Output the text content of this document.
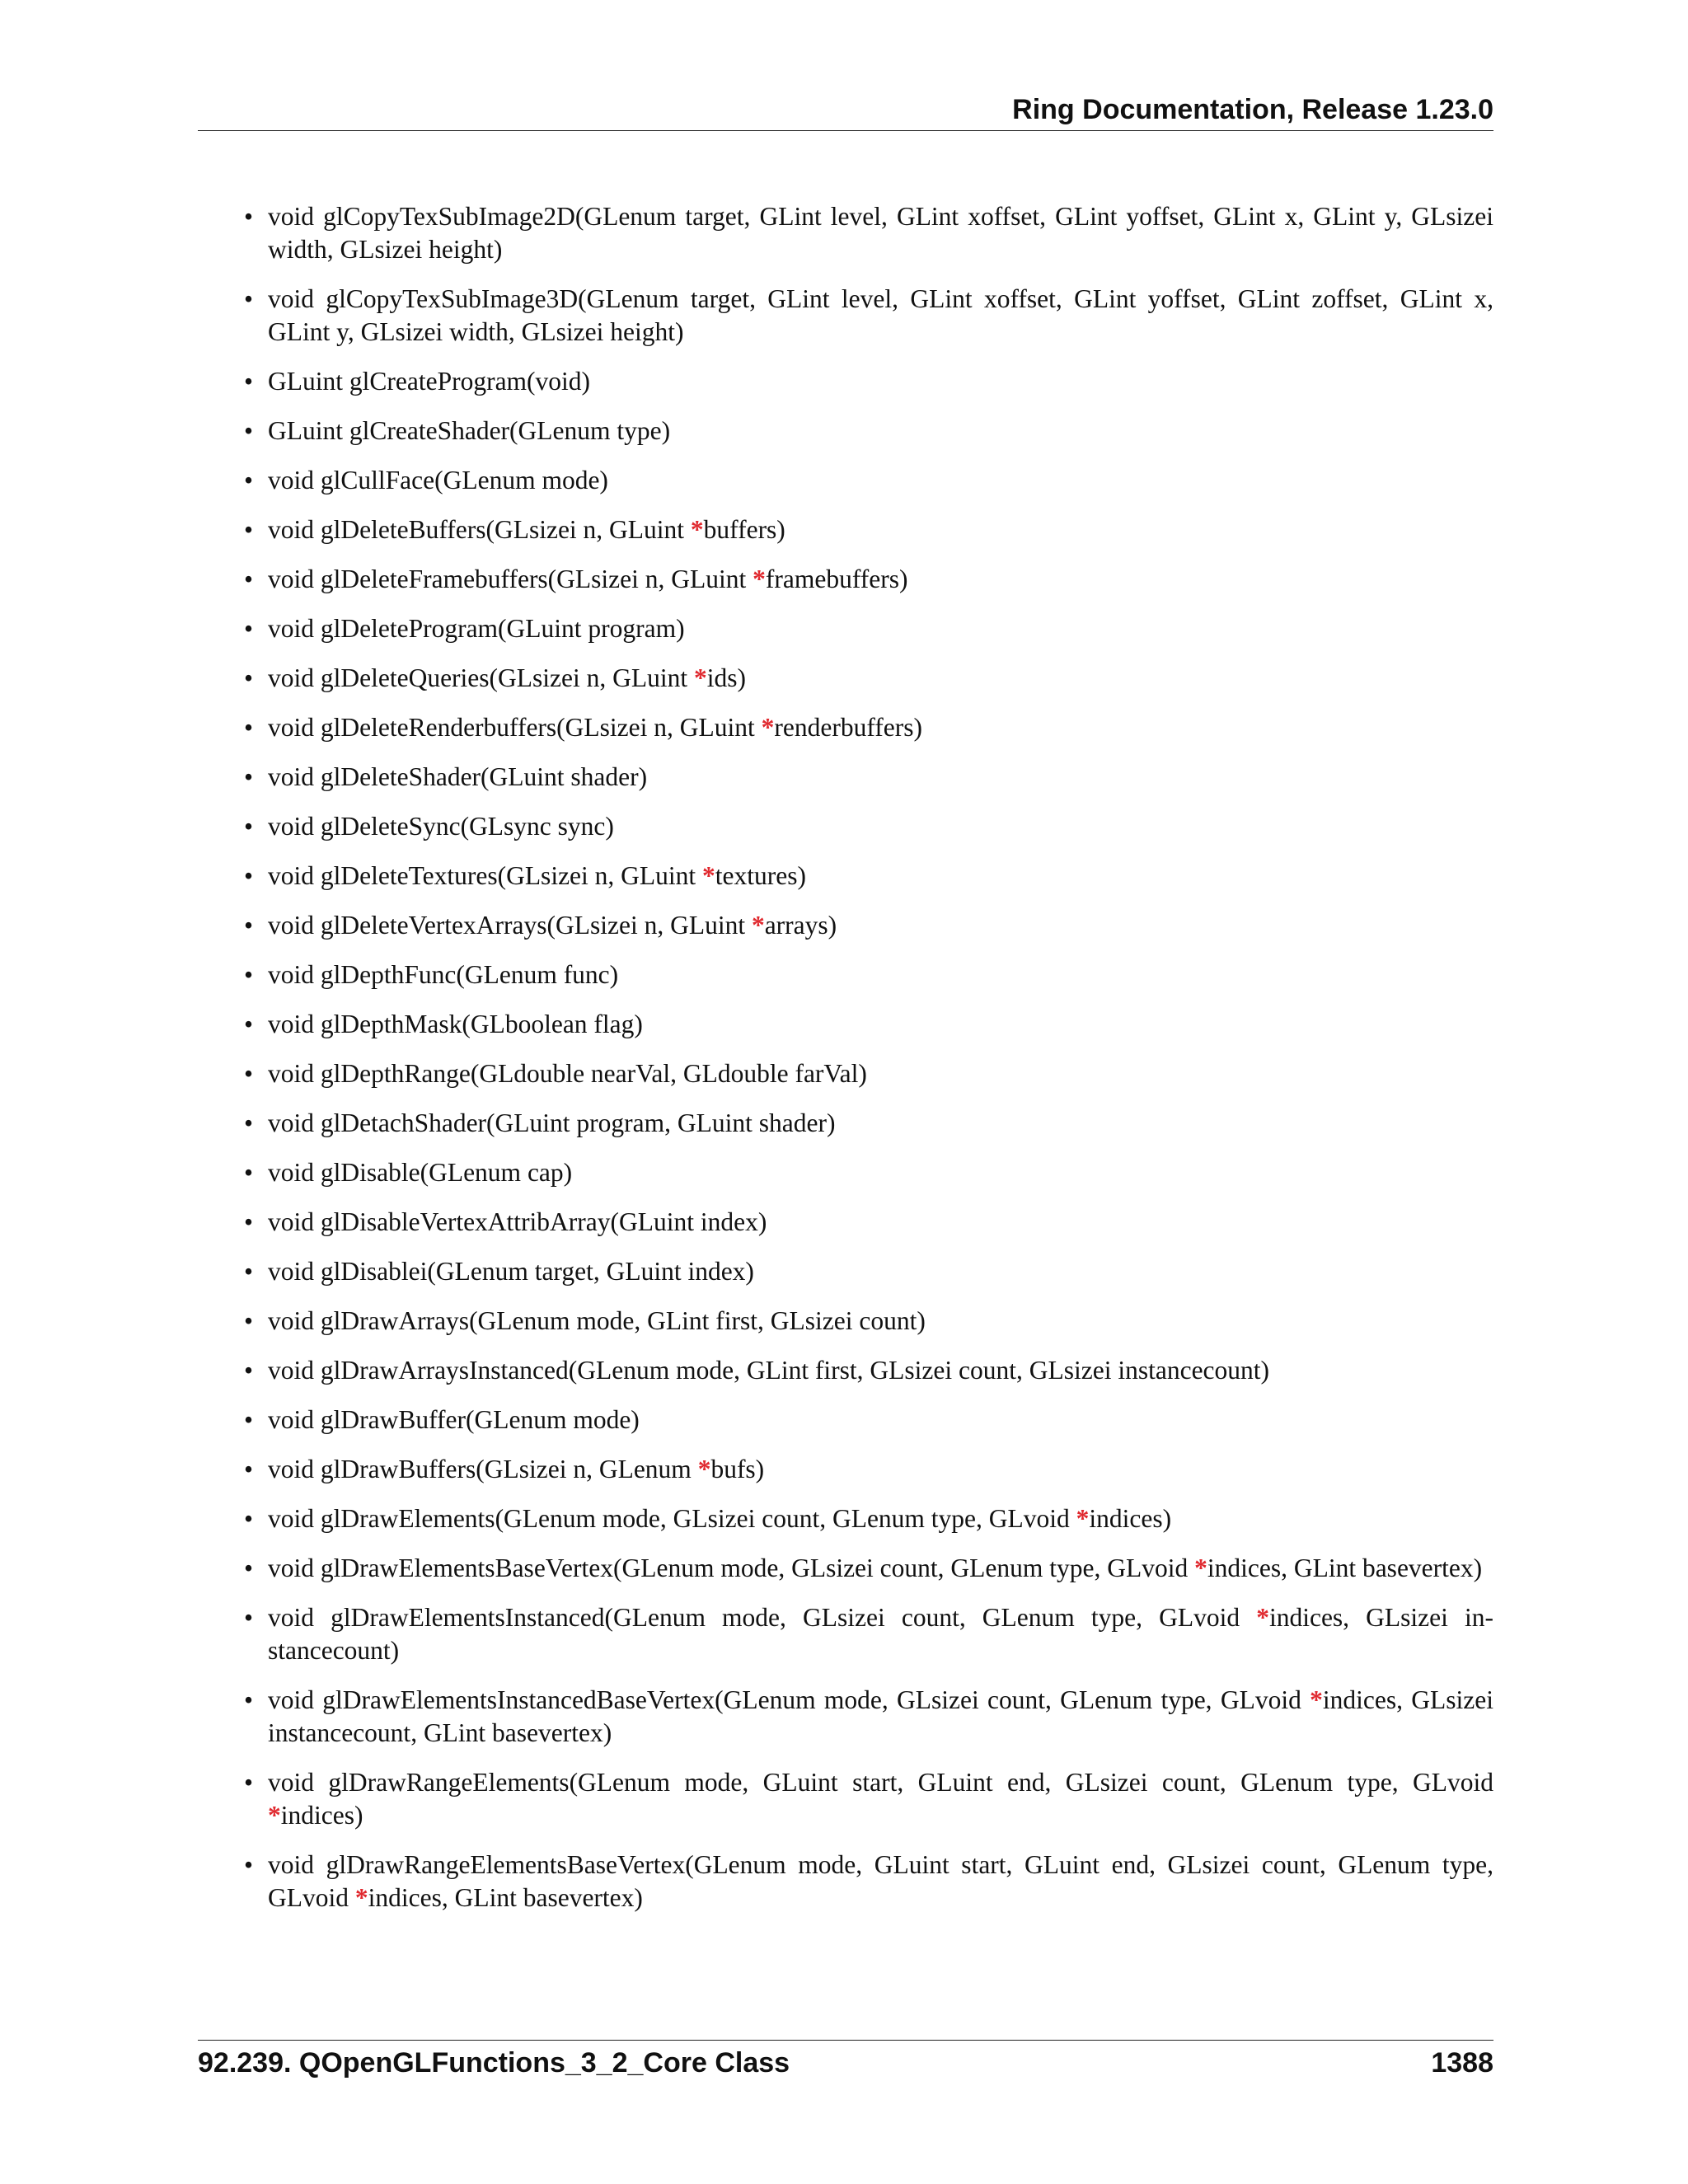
Ring Documentation, Release 1.23.0
• void glCopyTexSubImage2D(GLenum target, GLint level, GLint xoffset, GLint yoffset, GLint x, GLint y, GLsizei width, GLsizei height)
• void glCopyTexSubImage3D(GLenum target, GLint level, GLint xoffset, GLint yoffset, GLint zoffset, GLint x, GLint y, GLsizei width, GLsizei height)
• GLuint glCreateProgram(void)
• GLuint glCreateShader(GLenum type)
• void glCullFace(GLenum mode)
• void glDeleteBuffers(GLsizei n, GLuint *buffers)
• void glDeleteFramebuffers(GLsizei n, GLuint *framebuffers)
• void glDeleteProgram(GLuint program)
• void glDeleteQueries(GLsizei n, GLuint *ids)
• void glDeleteRenderbuffers(GLsizei n, GLuint *renderbuffers)
• void glDeleteShader(GLuint shader)
• void glDeleteSync(GLsync sync)
• void glDeleteTextures(GLsizei n, GLuint *textures)
• void glDeleteVertexArrays(GLsizei n, GLuint *arrays)
• void glDepthFunc(GLenum func)
• void glDepthMask(GLboolean flag)
• void glDepthRange(GLdouble nearVal, GLdouble farVal)
• void glDetachShader(GLuint program, GLuint shader)
• void glDisable(GLenum cap)
• void glDisableVertexAttribArray(GLuint index)
• void glDisablei(GLenum target, GLuint index)
• void glDrawArrays(GLenum mode, GLint first, GLsizei count)
• void glDrawArraysInstanced(GLenum mode, GLint first, GLsizei count, GLsizei instancecount)
• void glDrawBuffer(GLenum mode)
• void glDrawBuffers(GLsizei n, GLenum *bufs)
• void glDrawElements(GLenum mode, GLsizei count, GLenum type, GLvoid *indices)
• void glDrawElementsBaseVertex(GLenum mode, GLsizei count, GLenum type, GLvoid *indices, GLint basevertex)
• void glDrawElementsInstanced(GLenum mode, GLsizei count, GLenum type, GLvoid *indices, GLsizei instancecount)
• void glDrawElementsInstancedBaseVertex(GLenum mode, GLsizei count, GLenum type, GLvoid *indices, GLsizei instancecount, GLint basevertex)
• void glDrawRangeElements(GLenum mode, GLuint start, GLuint end, GLsizei count, GLenum type, GLvoid *indices)
• void glDrawRangeElementsBaseVertex(GLenum mode, GLuint start, GLuint end, GLsizei count, GLenum type, GLvoid *indices, GLint basevertex)
92.239. QOpenGLFunctions_3_2_Core Class	1388
